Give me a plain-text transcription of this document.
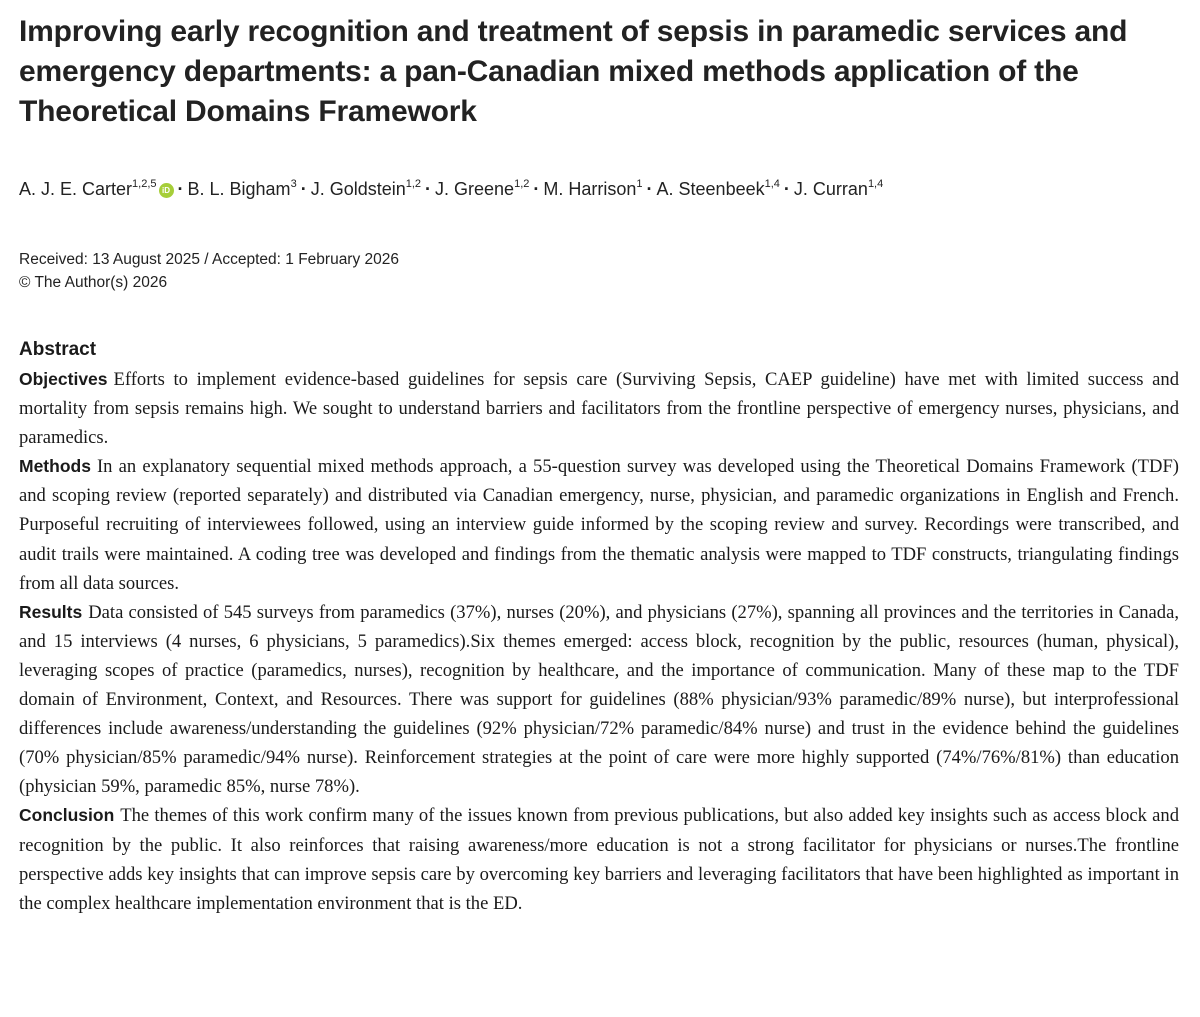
Improving early recognition and treatment of sepsis in paramedic services and emergency departments: a pan-Canadian mixed methods application of the Theoretical Domains Framework
A. J. E. Carter$^{1,2,5}$iD · B. L. Bigham$^3$ · J. Goldstein$^{1,2}$ · J. Greene$^{1,2}$ · M. Harrison$^1$ · A. Steenbeek$^{1,4}$ · J. Curran$^{1,4}$
Received: 13 August 2025 / Accepted: 1 February 2026
© The Author(s) 2026
Abstract

Objectives Efforts to implement evidence-based guidelines for sepsis care (Surviving Sepsis, CAEP guideline) have met with limited success and mortality from sepsis remains high. We sought to understand barriers and facilitators from the frontline perspective of emergency nurses, physicians, and paramedics.

Methods In an explanatory sequential mixed methods approach, a 55-question survey was developed using the Theoretical Domains Framework (TDF) and scoping review (reported separately) and distributed via Canadian emergency, nurse, physician, and paramedic organizations in English and French. Purposeful recruiting of interviewees followed, using an interview guide informed by the scoping review and survey. Recordings were transcribed, and audit trails were maintained. A coding tree was developed and findings from the thematic analysis were mapped to TDF constructs, triangulating findings from all data sources.

Results Data consisted of 545 surveys from paramedics (37%), nurses (20%), and physicians (27%), spanning all provinces and the territories in Canada, and 15 interviews (4 nurses, 6 physicians, 5 paramedics).Six themes emerged: access block, recognition by the public, resources (human, physical), leveraging scopes of practice (paramedics, nurses), recognition by healthcare, and the importance of communication. Many of these map to the TDF domain of Environment, Context, and Resources. There was support for guidelines (88% physician/93% paramedic/89% nurse), but interprofessional differences include awareness/understanding the guidelines (92% physician/72% paramedic/84% nurse) and trust in the evidence behind the guidelines (70% physician/85% paramedic/94% nurse). Reinforcement strategies at the point of care were more highly supported (74%/76%/81%) than education (physician 59%, paramedic 85%, nurse 78%).

Conclusion The themes of this work confirm many of the issues known from previous publications, but also added key insights such as access block and recognition by the public. It also reinforces that raising awareness/more education is not a strong facilitator for physicians or nurses.The frontline perspective adds key insights that can improve sepsis care by overcoming key barriers and leveraging facilitators that have been highlighted as important in the complex healthcare implementation environment that is the ED.
